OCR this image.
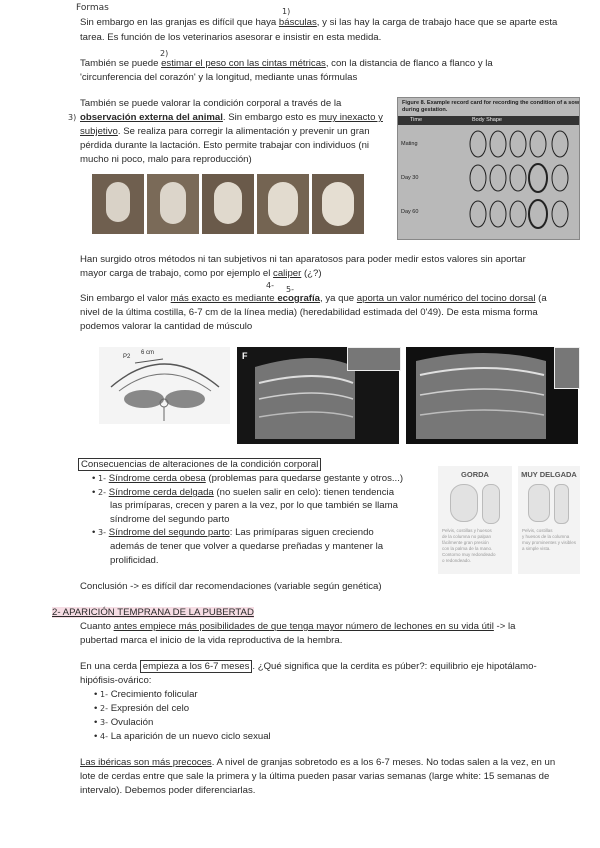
Formas	1)
Sin embargo en las granjas es difícil que haya básculas, y si las hay la carga de trabajo hace que se aparte esta
tarea. Es función de los veterinarios asesorar e insistir en esta medida.
2)
También se puede estimar el peso con las cintas métricas, con la distancia de flanco a flanco y la
'circunferencia del corazón' y la longitud, mediante unas fórmulas
También se puede valorar la condición corporal a través de la
3) observación externa del animal. Sin embargo esto es muy inexacto y
subjetivo. Se realiza para corregir la alimentación y prevenir un gran
pérdida durante la lactación. Esto permite trabajar con individuos (ni
mucho ni poco, malo para reproducción)
Figure 8. Example record card for recording the condition of a sow
during gestation.
Time	Body Shape
Mating
Day 30
Day 60
Han surgido otros métodos ni tan subjetivos ni tan aparatosos para poder medir estos valores sin aportar
mayor carga de trabajo, como por ejemplo el caliper (¿?)
4- 5-
Sin embargo el valor más exacto es mediante ecografía, ya que aporta un valor numérico del tocino dorsal (a
nivel de la última costilla, 6-7 cm de la línea media) (heredabilidad estimada del 0'49). De esta misma forma
podemos valorar la cantidad de músculo
P2
6 cm	F
Consecuencias de alteraciones de la condición corporal
• 1- Síndrome cerda obesa (problemas para quedarse gestante y otros...)
• 2- Síndrome cerda delgada (no suelen salir en celo): tienen tendencia
las primíparas, crecen y paren a la vez, por lo que también se llama
síndrome del segundo parto
• 3- Síndrome del segundo parto: Las primíparas siguen creciendo
además de tener que volver a quedarse preñadas y mantener la
prolificidad.
GORDA
Pelvis, costillas y huesos
de la columna no palpan
fácilmente gran presión
con la palma de la mano.
Contorno muy redondeado
o redondeado.
MUY DELGADA
Pelvis, costillas
y huesos de la columna
muy prominentes y visibles
a simple vista.
Conclusión -> es difícil dar recomendaciones (variable según genética)
2- APARICIÓN TEMPRANA DE LA PUBERTAD
Cuanto antes empiece más posibilidades de que tenga mayor número de lechones en su vida útil -> la
pubertad marca el inicio de la vida reproductiva de la hembra.
En una cerda empieza a los 6-7 meses . ¿Qué significa que la cerdita es púber?: equilibrio eje hipotálamo-
hipófisis-ovárico:
• 1- Crecimiento folicular
• 2- Expresión del celo
• 3- Ovulación
• 4- La aparición de un nuevo ciclo sexual
Las ibéricas son más precoces. A nivel de granjas sobretodo es a los 6-7 meses. No todas salen a la vez, en un
lote de cerdas entre que sale la primera y la última pueden pasar varias semanas (large white: 15 semanas de
intervalo). Debemos poder diferenciarlas.
